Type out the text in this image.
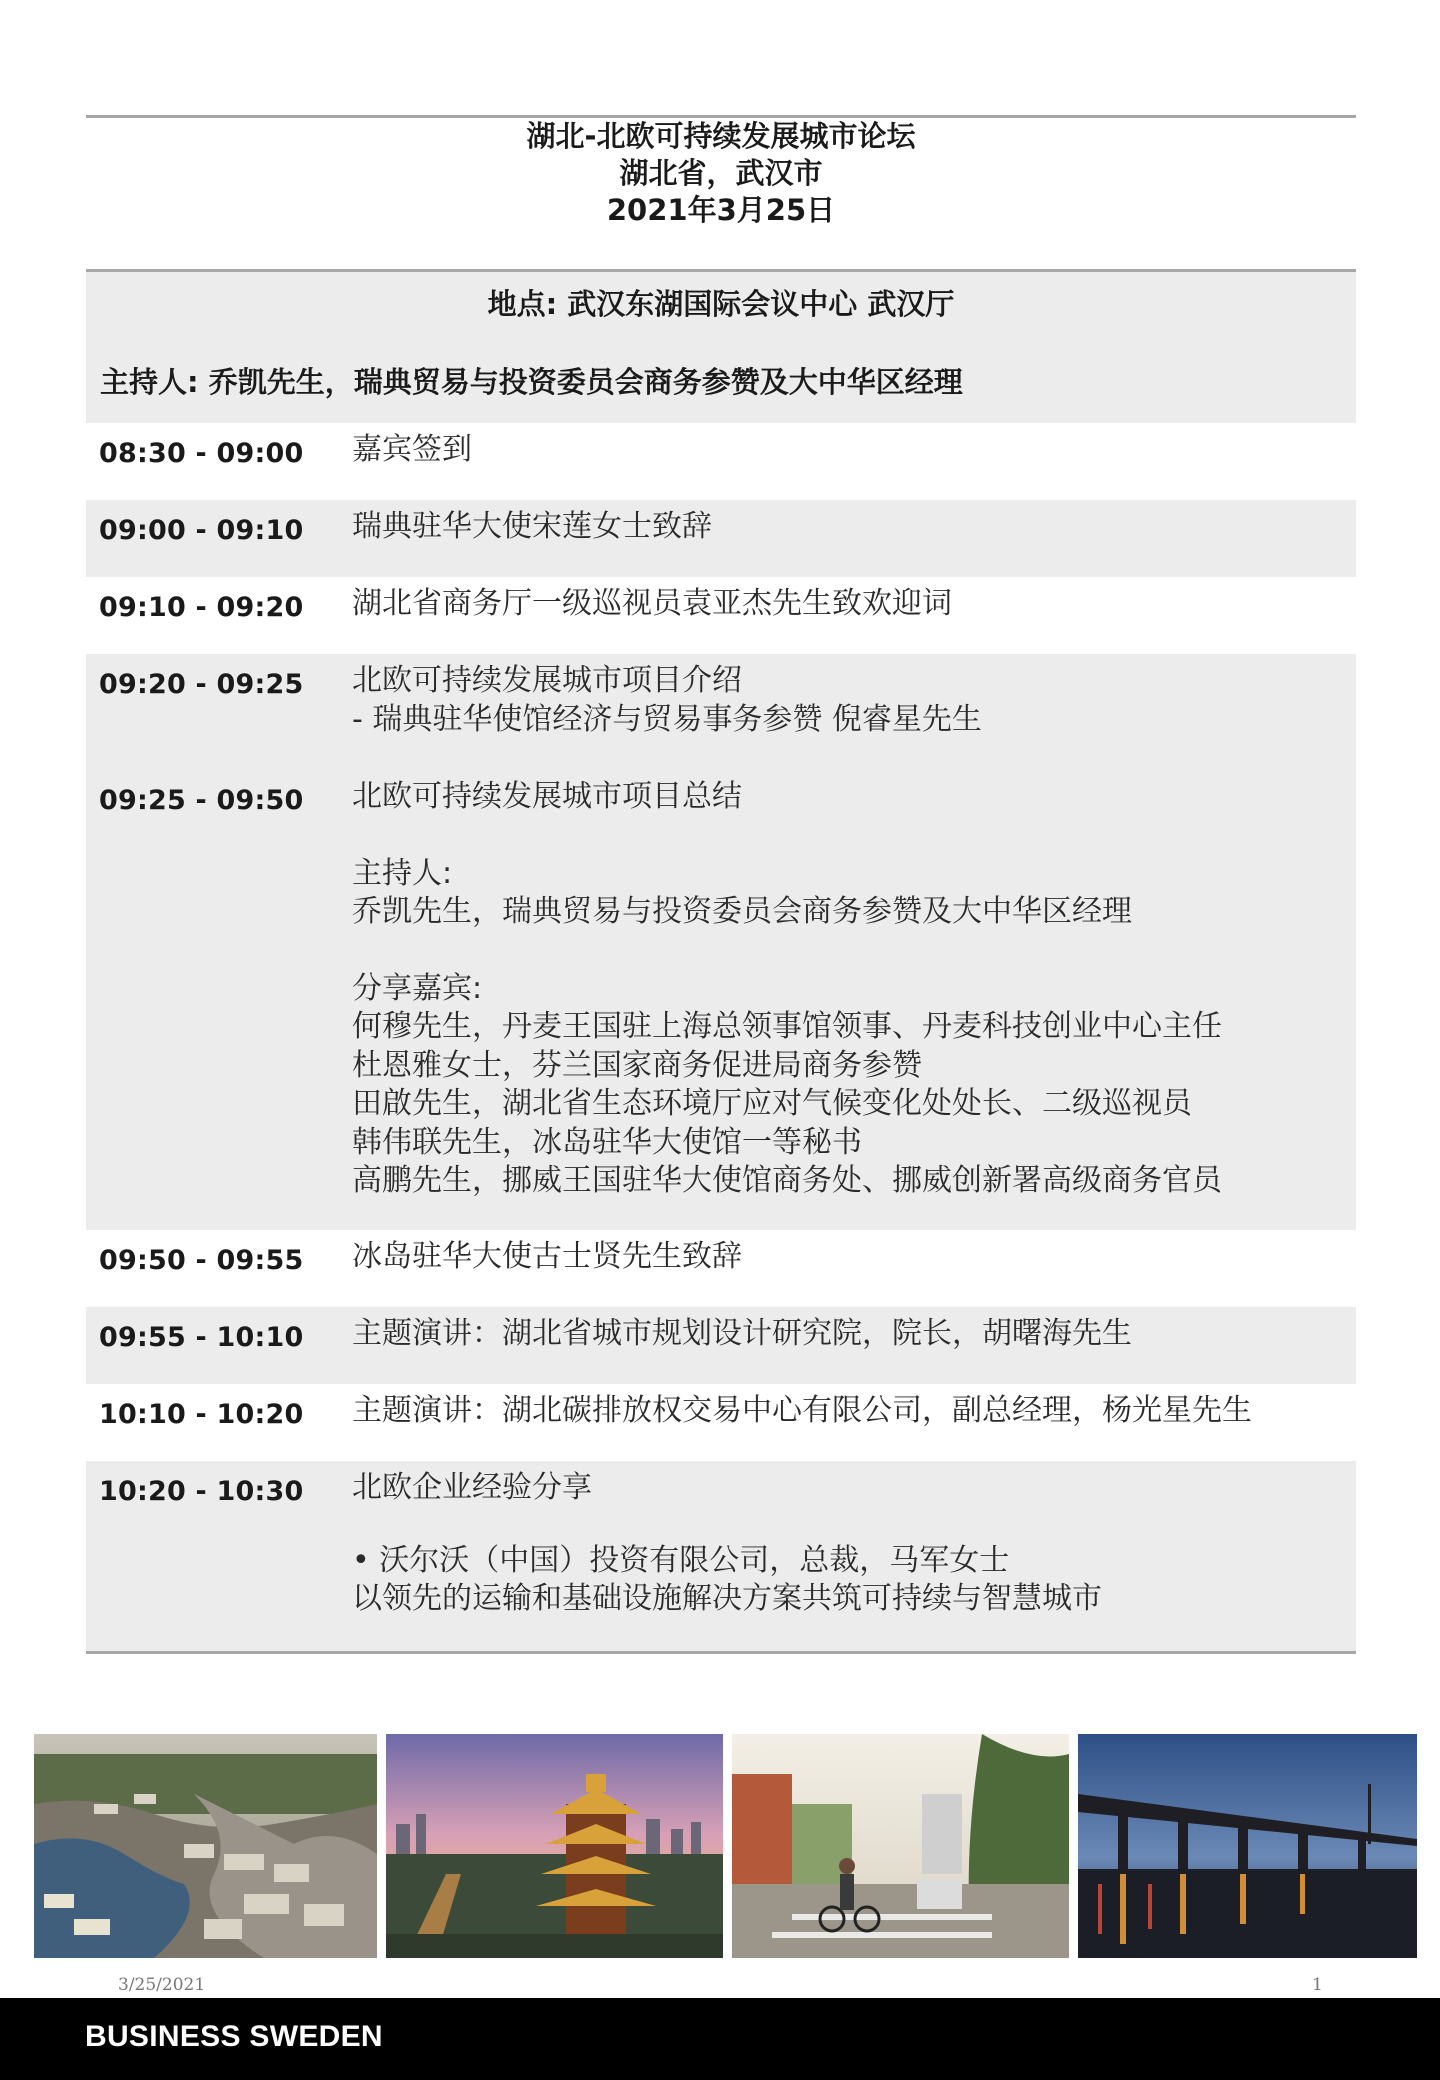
湖北-北欧可持续发展城市论坛
湖北省，武汉市
2021年3月25日
地点: 武汉东湖国际会议中心 武汉厅
主持人: 乔凯先生，瑞典贸易与投资委员会商务参赞及大中华区经理
08:30 - 09:00 嘉宾签到
09:00 - 09:10 瑞典驻华大使宋莲女士致辞
09:10 - 09:20 湖北省商务厅一级巡视员袁亚杰先生致欢迎词
09:20 - 09:25 北欧可持续发展城市项目介绍
- 瑞典驻华使馆经济与贸易事务参赞 倪睿星先生
09:25 - 09:50 北欧可持续发展城市项目总结
主持人:
乔凯先生，瑞典贸易与投资委员会商务参赞及大中华区经理
分享嘉宾:
何穆先生，丹麦王国驻上海总领事馆领事、丹麦科技创业中心主任
杜恩雅女士，芬兰国家商务促进局商务参赞
田啟先生，湖北省生态环境厅应对气候变化处处长、二级巡视员
韩伟联先生，冰岛驻华大使馆一等秘书
高鹏先生，挪威王国驻华大使馆商务处、挪威创新署高级商务官员
09:50 - 09:55 冰岛驻华大使古士贤先生致辞
09:55 - 10:10 主题演讲：湖北省城市规划设计研究院，院长，胡曙海先生
10:10 - 10:20 主题演讲：湖北碳排放权交易中心有限公司，副总经理，杨光星先生
10:20 - 10:30 北欧企业经验分享
• 沃尔沃（中国）投资有限公司，总裁，马军女士
以领先的运输和基础设施解决方案共筑可持续与智慧城市
3/25/2021	1
BUSINESS SWEDEN
